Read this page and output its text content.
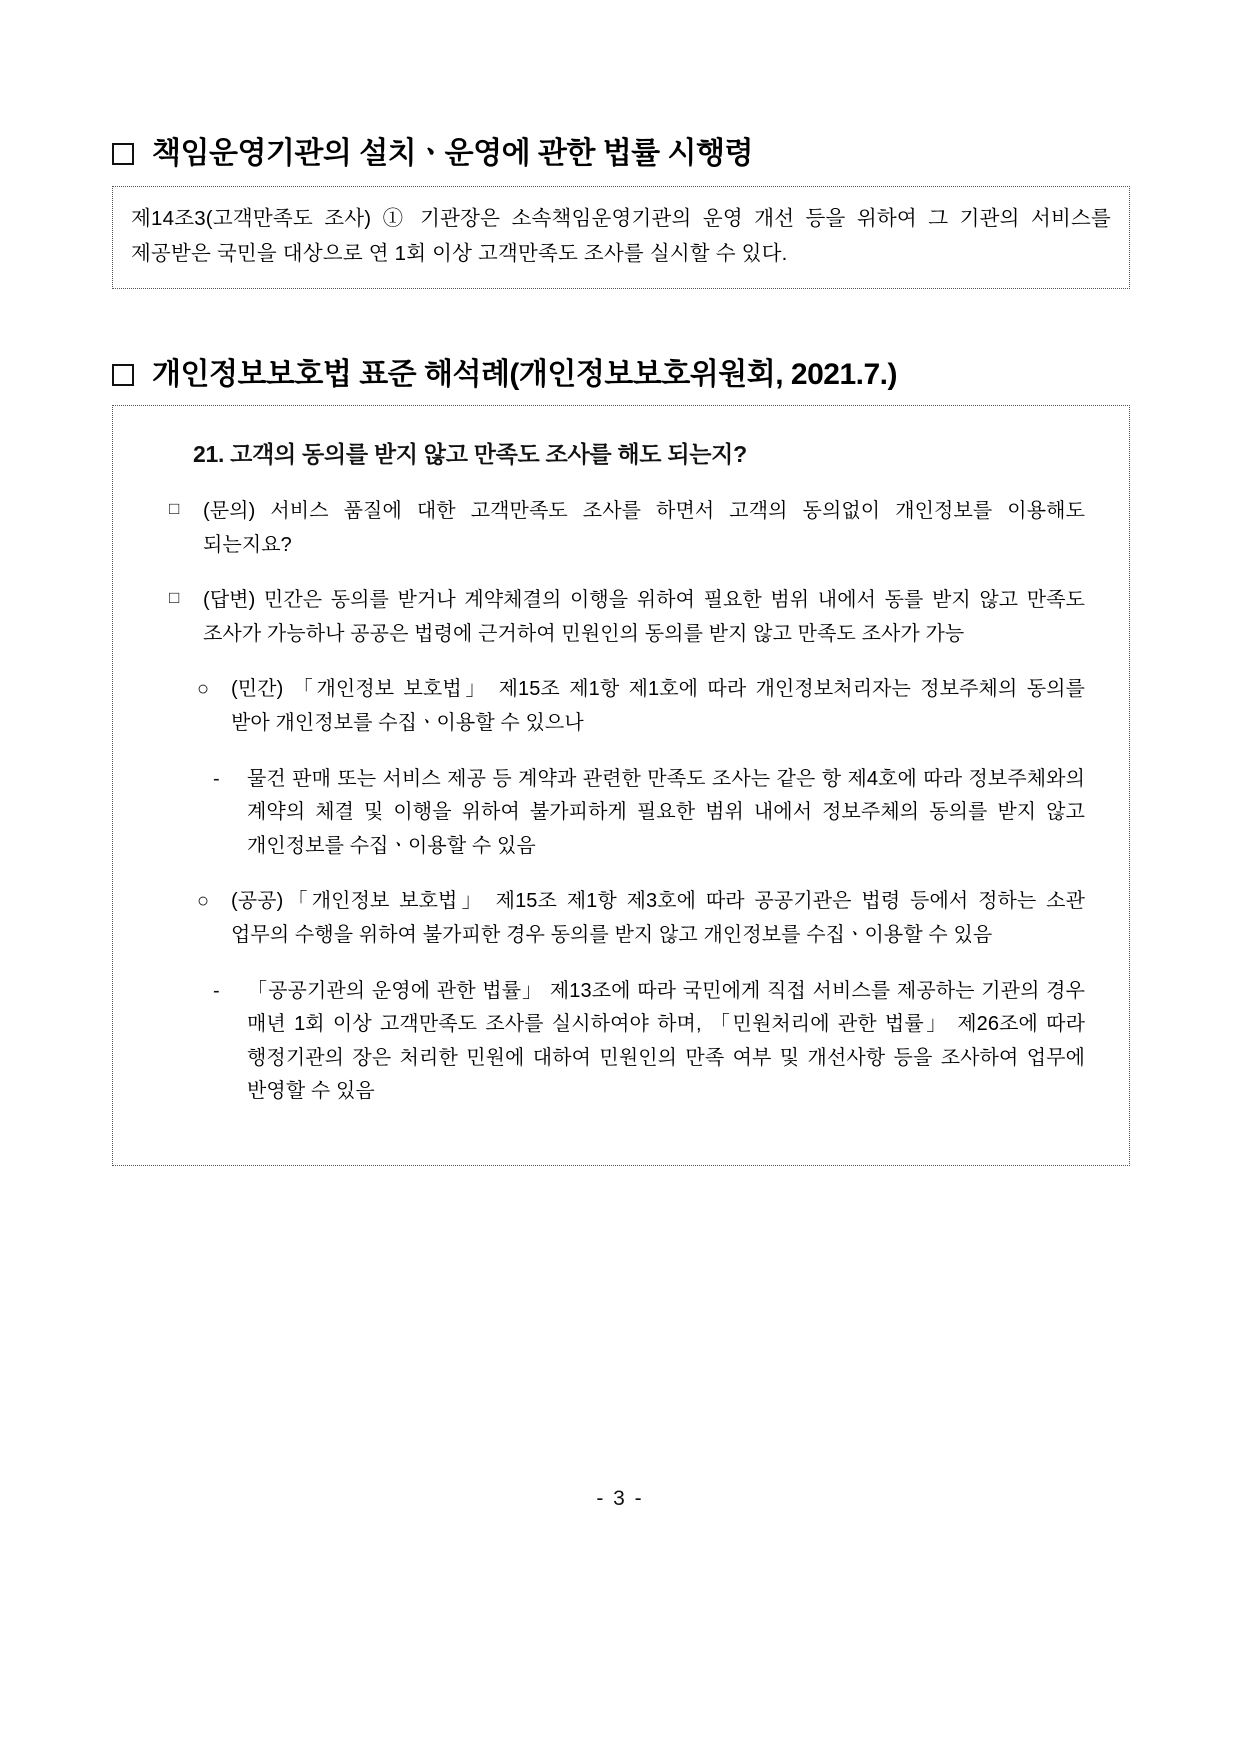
책임운영기관의 설치ㆍ운영에 관한 법률 시행령
제14조3(고객만족도 조사) ① 기관장은 소속책임운영기관의 운영 개선 등을 위하여 그 기관의 서비스를 제공받은 국민을 대상으로 연 1회 이상 고객만족도 조사를 실시할 수 있다.
개인정보보호법 표준 해석례(개인정보보호위원회, 2021.7.)
21. 고객의 동의를 받지 않고 만족도 조사를 해도 되는지?
□	(문의) 서비스 품질에 대한 고객만족도 조사를 하면서 고객의 동의없이 개인정보를 이용해도 되는지요?
□	(답변) 민간은 동의를 받거나 계약체결의 이행을 위하여 필요한 범위 내에서 동를 받지 않고 만족도 조사가 가능하나 공공은 법령에 근거하여 민원인의 동의를 받지 않고 만족도 조사가 가능
○	(민간) 「개인정보 보호법」 제15조 제1항 제1호에 따라 개인정보처리자는 정보주체의 동의를 받아 개인정보를 수집ㆍ이용할 수 있으나
-	물건 판매 또는 서비스 제공 등 계약과 관련한 만족도 조사는 같은 항 제4호에 따라 정보주체와의 계약의 체결 및 이행을 위하여 불가피하게 필요한 범위 내에서 정보주체의 동의를 받지 않고 개인정보를 수집ㆍ이용할 수 있음
○	(공공)「개인정보 보호법」 제15조 제1항 제3호에 따라 공공기관은 법령 등에서 정하는 소관 업무의 수행을 위하여 불가피한 경우 동의를 받지 않고 개인정보를 수집ㆍ이용할 수 있음
-	「공공기관의 운영에 관한 법률」 제13조에 따라 국민에게 직접 서비스를 제공하는 기관의 경우 매년 1회 이상 고객만족도 조사를 실시하여야 하며, 「민원처리에 관한 법률」 제26조에 따라 행정기관의 장은 처리한 민원에 대하여 민원인의 만족 여부 및 개선사항 등을 조사하여 업무에 반영할 수 있음
- 3 -
